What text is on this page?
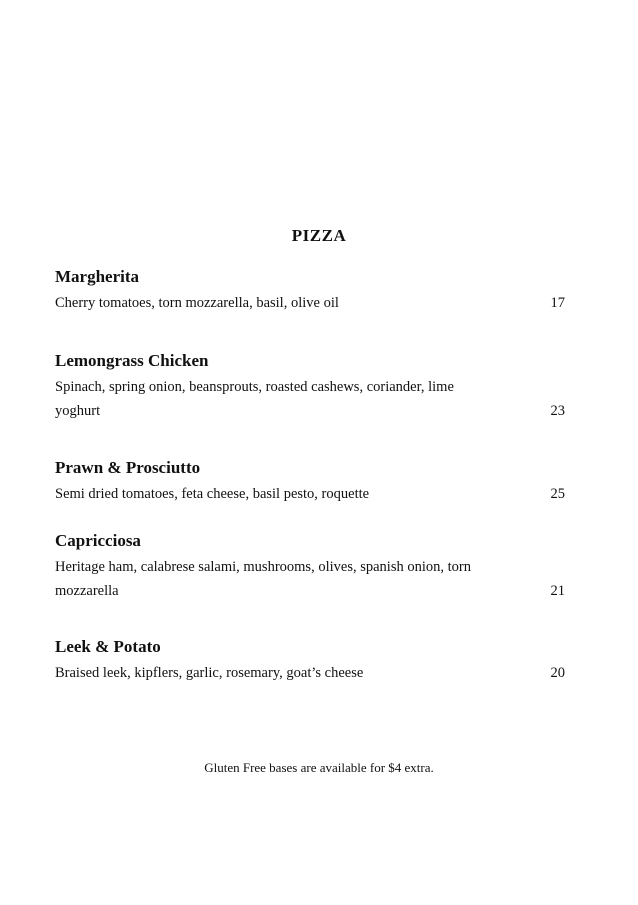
PIZZA
Margherita
Cherry tomatoes, torn mozzarella, basil, olive oil	17
Lemongrass Chicken
Spinach, spring onion, beansprouts, roasted cashews, coriander, lime yoghurt	23
Prawn & Prosciutto
Semi dried tomatoes, feta cheese, basil pesto, roquette	25
Capricciosa
Heritage ham, calabrese salami, mushrooms, olives, spanish onion, torn mozzarella	21
Leek & Potato
Braised leek, kipflers, garlic, rosemary, goat’s cheese	20
Gluten Free bases are available for $4 extra.
